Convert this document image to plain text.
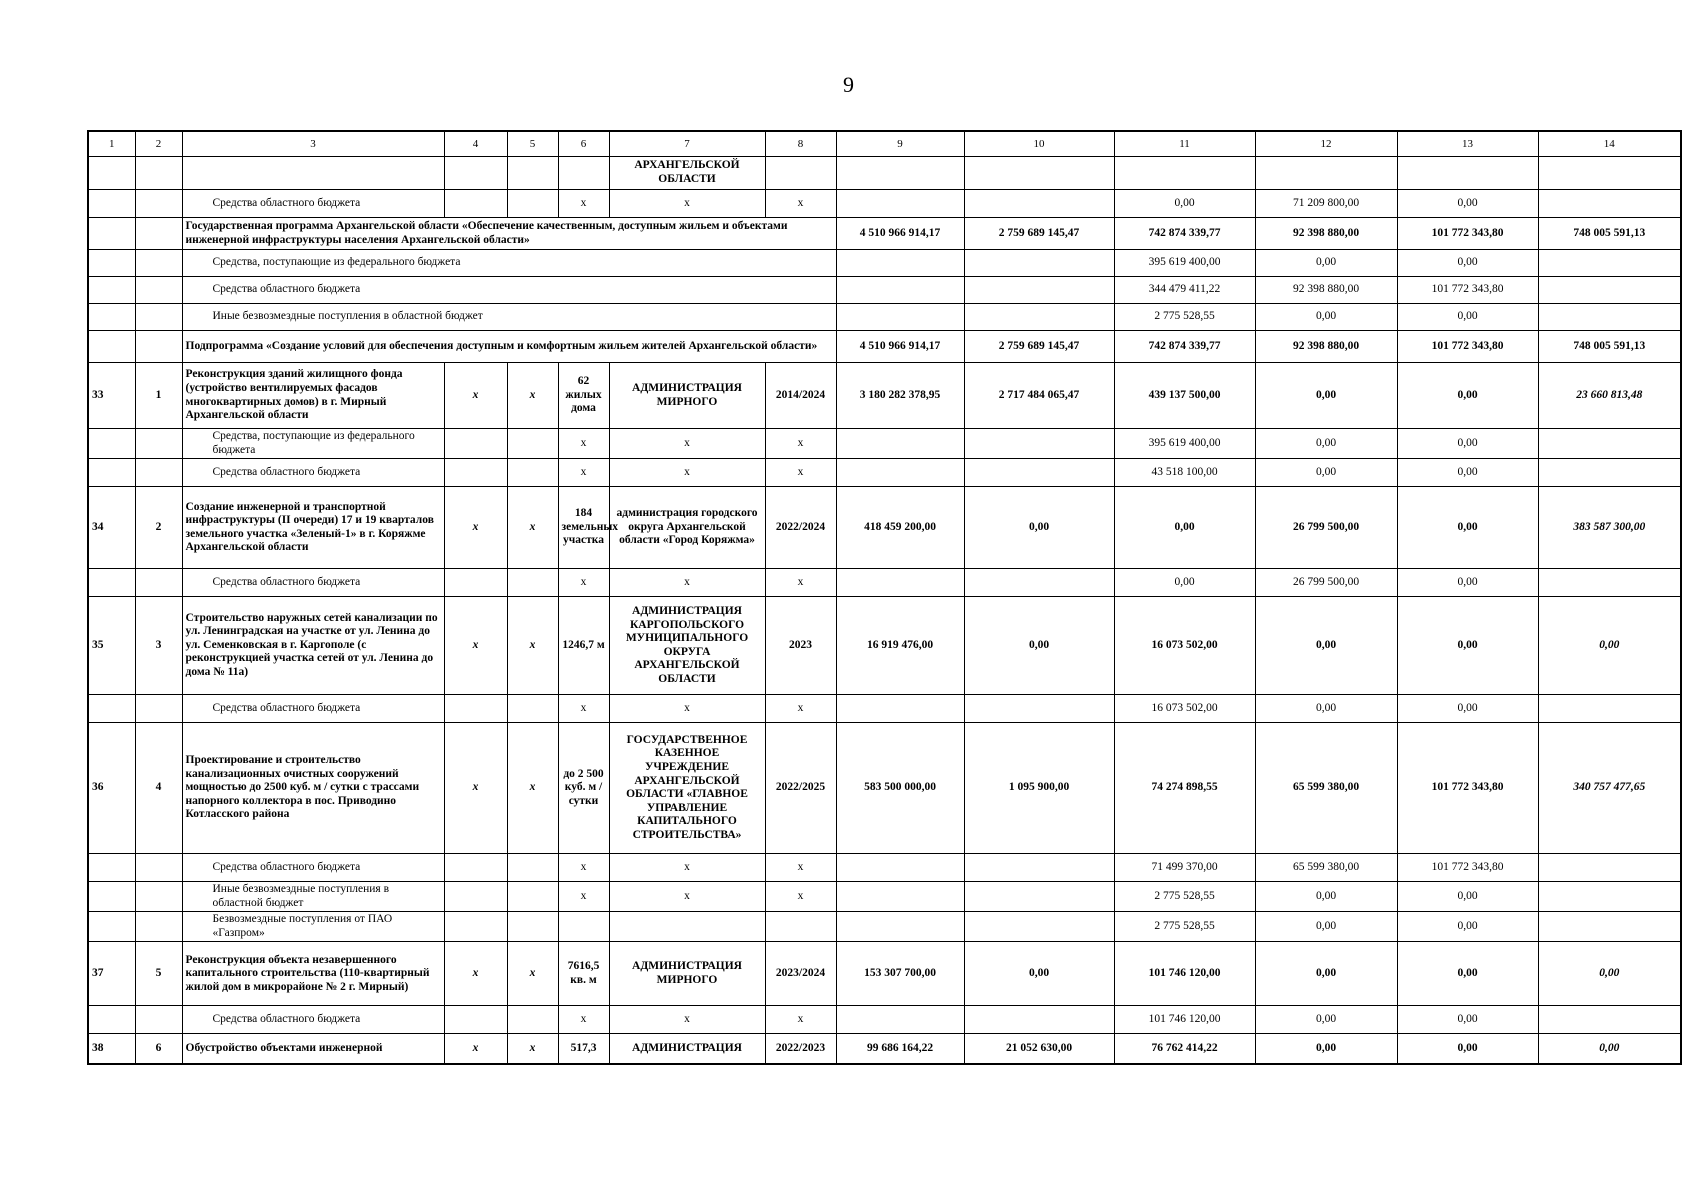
9
1	2	3	4	5	6	7	8	9	10	11	12	13	14
						АРХАНГЕЛЬСКОЙ ОБЛАСТИ							
		Средства областного бюджета			х	х	х			0,00	71 209 800,00	0,00	
		Государственная программа Архангельской области «Обеспечение качественным, доступным жильем и объектами инженерной инфраструктуры населения Архангельской области»						4 510 966 914,17	2 759 689 145,47	742 874 339,77	92 398 880,00	101 772 343,80	748 005 591,13
		Средства, поступающие из федерального бюджета								395 619 400,00	0,00	0,00	
		Средства областного бюджета								344 479 411,22	92 398 880,00	101 772 343,80	
		Иные безвозмездные поступления в областной бюджет								2 775 528,55	0,00	0,00	
		Подпрограмма «Создание условий для обеспечения доступным и комфортным жильем жителей Архангельской области»						4 510 966 914,17	2 759 689 145,47	742 874 339,77	92 398 880,00	101 772 343,80	748 005 591,13
33	1	Реконструкция зданий жилищного фонда (устройство вентилируемых фасадов многоквартирных домов) в г. Мирный Архангельской области	х	х	62 жилых дома	АДМИНИСТРАЦИЯ МИРНОГО	2014/2024	3 180 282 378,95	2 717 484 065,47	439 137 500,00	0,00	0,00	23 660 813,48
		Средства, поступающие из федерального бюджета			х	х	х			395 619 400,00	0,00	0,00	
		Средства областного бюджета			х	х	х			43 518 100,00	0,00	0,00	
34	2	Создание инженерной и транспортной инфраструктуры (II очереди) 17 и 19 кварталов земельного участка «Зеленый-1» в г. Коряжме Архангельской области	х	х	184 земельных участка	администрация городского округа Архангельской области «Город Коряжма»	2022/2024	418 459 200,00	0,00	0,00	26 799 500,00	0,00	383 587 300,00
		Средства областного бюджета			х	х	х			0,00	26 799 500,00	0,00	
35	3	Строительство наружных сетей канализации по ул. Ленинградская на участке от ул. Ленина до ул. Семенковская в г. Каргополе (с реконструкцией участка сетей от ул. Ленина до дома № 11а)	х	х	1246,7 м	АДМИНИСТРАЦИЯ КАРГОПОЛЬСКОГО МУНИЦИПАЛЬНОГО ОКРУГА АРХАНГЕЛЬСКОЙ ОБЛАСТИ	2023	16 919 476,00	0,00	16 073 502,00	0,00	0,00	0,00
		Средства областного бюджета			х	х	х			16 073 502,00	0,00	0,00	
36	4	Проектирование и строительство канализационных очистных сооружений мощностью до 2500 куб. м / сутки с трассами напорного коллектора в пос. Приводино Котласского района	х	х	до 2 500 куб. м / сутки	ГОСУДАРСТВЕННОЕ КАЗЕННОЕ УЧРЕЖДЕНИЕ АРХАНГЕЛЬСКОЙ ОБЛАСТИ «ГЛАВНОЕ УПРАВЛЕНИЕ КАПИТАЛЬНОГО СТРОИТЕЛЬСТВА»	2022/2025	583 500 000,00	1 095 900,00	74 274 898,55	65 599 380,00	101 772 343,80	340 757 477,65
		Средства областного бюджета			х	х	х			71 499 370,00	65 599 380,00	101 772 343,80	
		Иные безвозмездные поступления в областной бюджет			х	х	х			2 775 528,55	0,00	0,00	
		Безвозмездные поступления от ПАО «Газпром»								2 775 528,55	0,00	0,00	
37	5	Реконструкция объекта незавершенного капитального строительства (110-квартирный жилой дом в микрорайоне № 2 г. Мирный)	х	х	7616,5 кв. м	АДМИНИСТРАЦИЯ МИРНОГО	2023/2024	153 307 700,00	0,00	101 746 120,00	0,00	0,00	0,00
		Средства областного бюджета			х	х	х			101 746 120,00	0,00	0,00	
38	6	Обустройство объектами инженерной	х	х	517,3	АДМИНИСТРАЦИЯ	2022/2023	99 686 164,22	21 052 630,00	76 762 414,22	0,00	0,00	0,00
